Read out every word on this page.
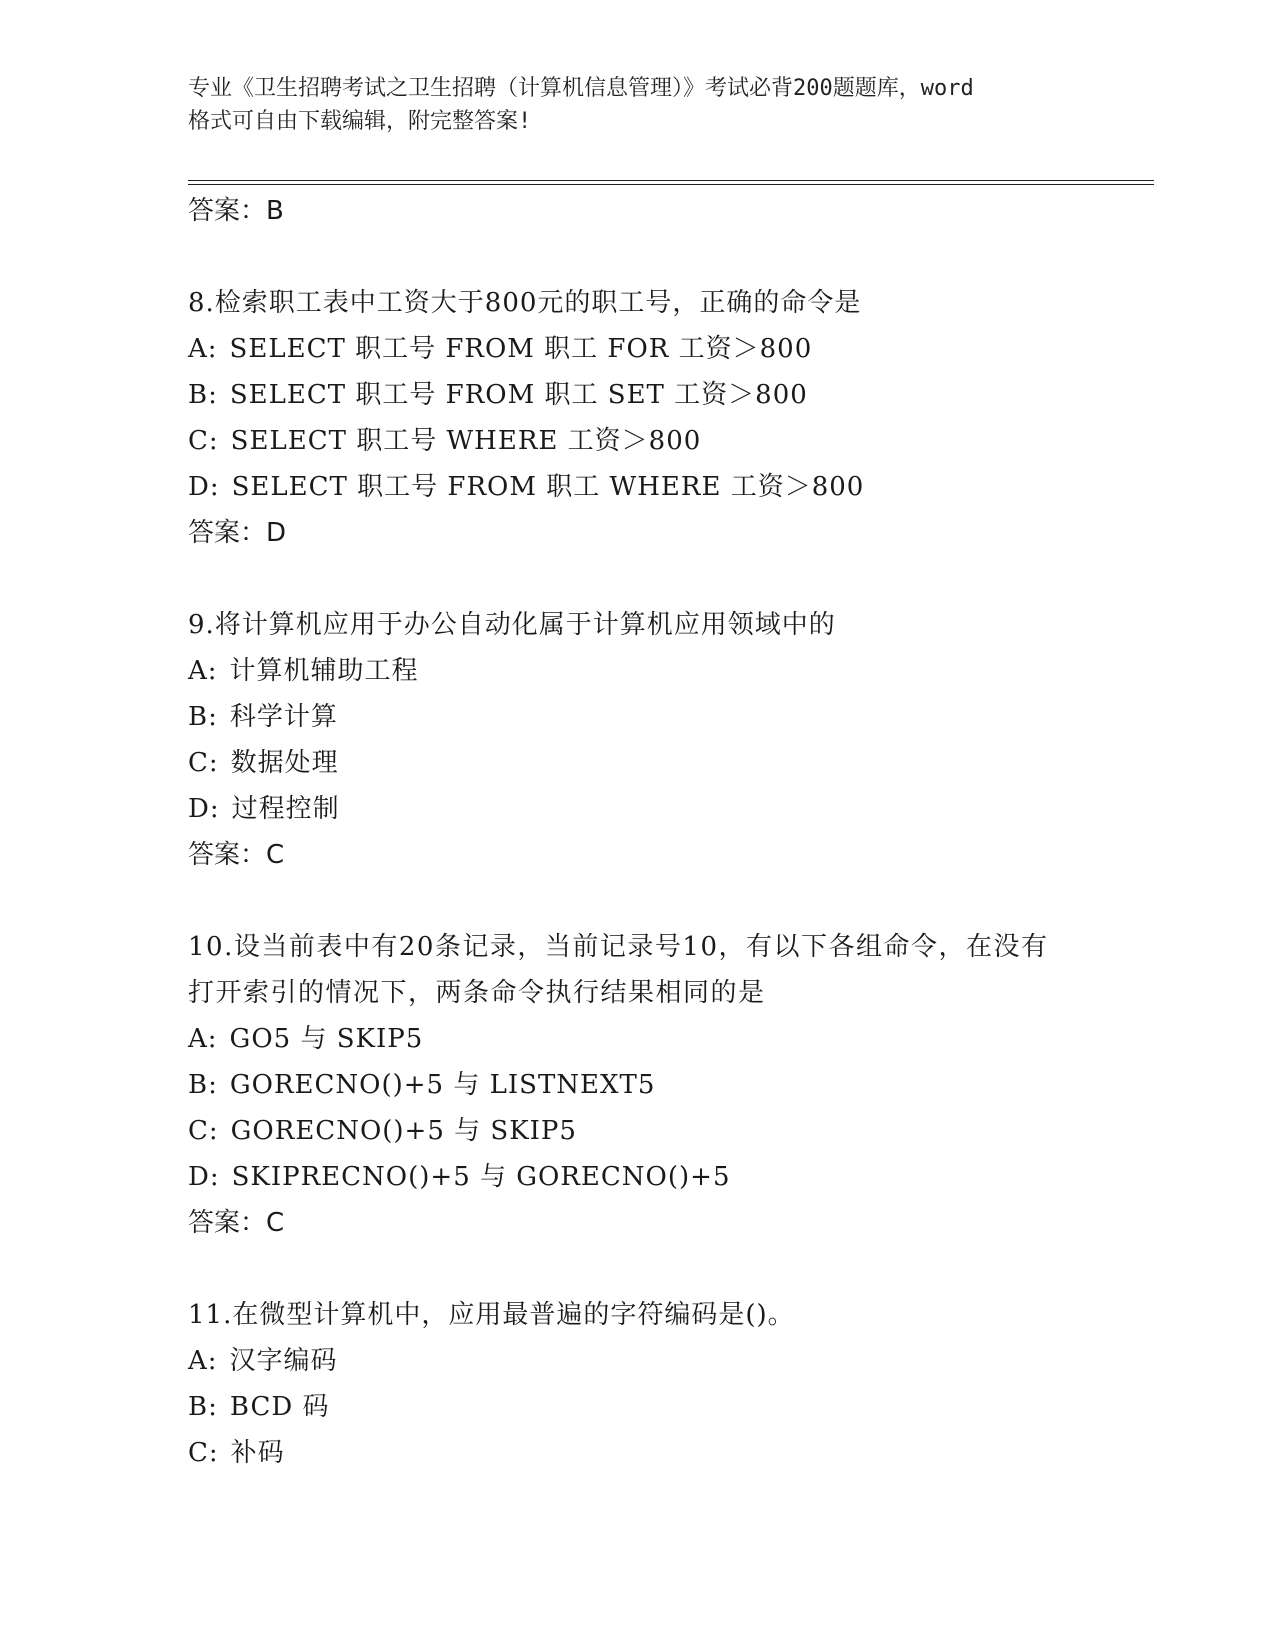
专业《卫生招聘考试之卫生招聘（计算机信息管理）》考试必背200题题库，word
格式可自由下载编辑，附完整答案!
答案：B
8.检索职工表中工资大于800元的职工号，正确的命令是
A: SELECT 职工号 FROM 职工 FOR 工资＞800
B: SELECT 职工号 FROM 职工 SET 工资＞800
C: SELECT 职工号 WHERE 工资＞800
D: SELECT 职工号 FROM 职工 WHERE 工资＞800
答案：D
9.将计算机应用于办公自动化属于计算机应用领域中的
A: 计算机辅助工程
B: 科学计算
C: 数据处理
D: 过程控制
答案：C
10.设当前表中有20条记录，当前记录号10，有以下各组命令，在没有打开索引的情况下，两条命令执行结果相同的是
A: GO5 与 SKIP5
B: GORECNO()+5 与 LISTNEXT5
C: GORECNO()+5 与 SKIP5
D: SKIPRECNO()+5 与 GORECNO()+5
答案：C
11.在微型计算机中，应用最普遍的字符编码是()。
A: 汉字编码
B: BCD 码
C: 补码
